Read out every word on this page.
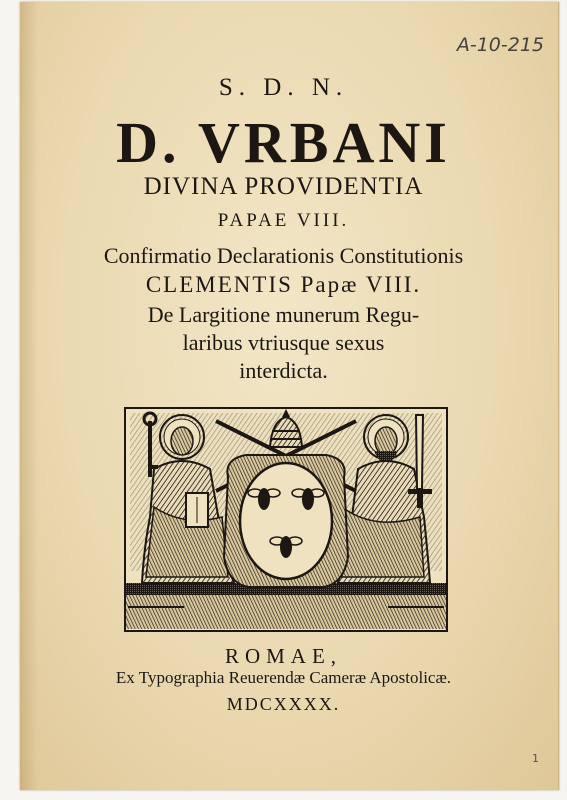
A-10-215
S. D. N.
D. VRBANI
DIVINA PROVIDENTIA
PAPAE VIII.
Confirmatio Declarationis Constitutionis
CLEMENTIS Papæ VIII.
De Largitione munerum Regu-
laribus vtriusque sexus
interdicta.
ROMAE,
Ex Typographia Reuerendæ Cameræ Apostolicæ.
MDCXXXX.
1
